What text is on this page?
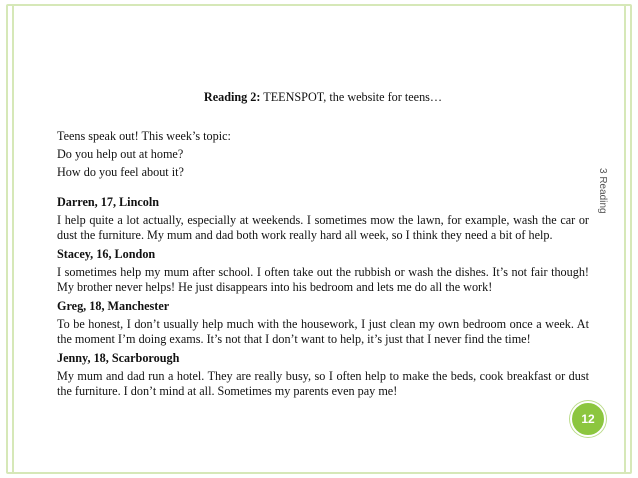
3 Reading
Reading 2: TEENSPOT, the website for teens…

Teens speak out! This week’s topic:

Do you help out at home?

How do you feel about it?

Darren, 17, Lincoln
I help quite a lot actually, especially at weekends. I sometimes mow the lawn, for example, wash the car or dust the furniture. My mum and dad both work really hard all week, so I think they need a bit of help.
Stacey, 16, London
I sometimes help my mum after school. I often take out the rubbish or wash the dishes. It’s not fair though! My brother never helps! He just disappears into his bedroom and lets me do all the work!
Greg, 18, Manchester
To be honest, I don’t usually help much with the housework, I just clean my own bedroom once a week. At the moment I’m doing exams. It’s not that I don’t want to help, it’s just that I never find the time!
Jenny, 18, Scarborough
My mum and dad run a hotel. They are really busy, so I often help to make the beds, cook breakfast or dust the furniture. I don’t mind at all. Sometimes my parents even pay me!
12
